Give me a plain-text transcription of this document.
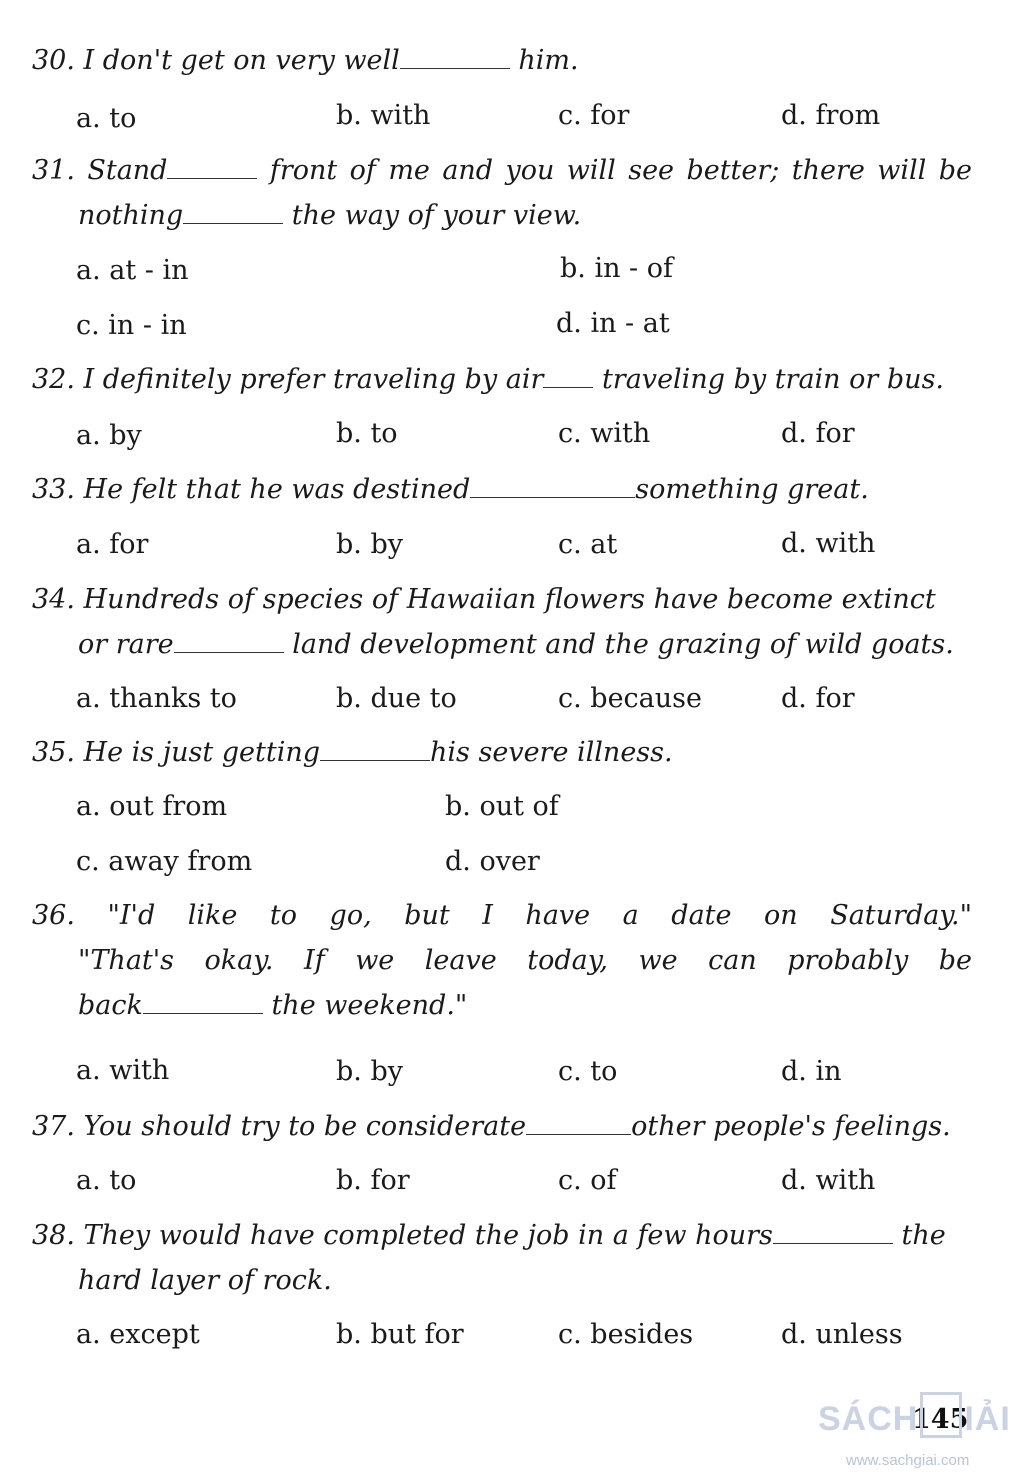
30. I don't get on very well	him.
a. to	b. with	c. for	d. from
31. Stand	front of me and you will see better; there will be
nothing	the way of your view.
a. at - in	b. in - of
c. in - in	d. in - at
32. I definitely prefer traveling by air traveling by train or bus.
a. by	b. to	c. with	d. for
33. He felt that he was destined	something great.
a. for	b. by	c. at	d. with
34. Hundreds of species of Hawaiian flowers have become extinct
or rare	land development and the grazing of wild goats.
a. thanks to	b. due to	c. because	d. for
35. He is just getting	his severe illness.
a. out from	b. out of
c. away from	d. over
36. "I'd like to go, but I have a date on Saturday."
"That's okay. If we leave today, we can probably be
back	the weekend."
a. with	b. by	c. to	d. in
37. You should try to be considerate	other people's feelings.
a. to	b. for	c. of	d. with
38. They would have completed the job in a few hours	the
hard layer of rock.
a. except	b. but for	c. besides	d. unless
145
SÁCH IẢI
www.sachgiai.com
